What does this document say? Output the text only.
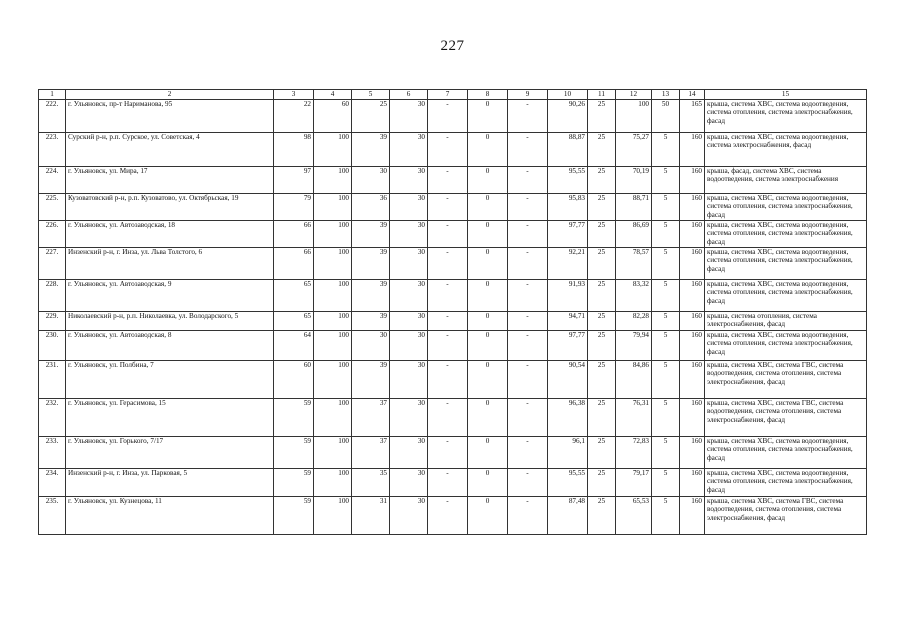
227
1	2	3	4	5	6	7	8	9	10	11	12	13	14	15
222.	г. Ульяновск, пр-т Нариманова, 95	22	60	25	30	-	0	-	90,26	25	100	50	165	крыша, система ХВС, система водоотведения, система отопления, система электроснабжения, фасад
223.	Сурский р-н, р.п. Сурское, ул. Советская, 4	98	100	39	30	-	0	-	88,87	25	75,27	5	160	крыша, система ХВС, система водоотведения, система электроснабжения, фасад
224.	г. Ульяновск, ул. Мира, 17	97	100	30	30	-	0	-	95,55	25	70,19	5	160	крыша, фасад, система ХВС, система водоотведения, система электроснабжения
225.	Кузоватовский р-н, р.п. Кузоватово, ул. Октябрьская, 19	79	100	36	30	-	0	-	95,83	25	88,71	5	160	крыша, система ХВС, система водоотведения, система отопления, система электроснабжения, фасад
226.	г. Ульяновск, ул. Автозаводская, 18	66	100	39	30	-	0	-	97,77	25	86,69	5	160	крыша, система ХВС, система водоотведения, система отопления, система электроснабжения, фасад
227.	Инзенский р-н, г. Инза, ул. Льва Толстого, 6	66	100	39	30	-	0	-	92,21	25	78,57	5	160	крыша, система ХВС, система водоотведения, система отопления, система электроснабжения, фасад
228.	г. Ульяновск, ул. Автозаводская, 9	65	100	39	30	-	0	-	91,93	25	83,32	5	160	крыша, система ХВС, система водоотведения, система отопления, система электроснабжения, фасад
229.	Николаевский р-н, р.п. Николаевка, ул. Володарского, 5	65	100	39	30	-	0	-	94,71	25	82,28	5	160	крыша, система отопления, система электроснабжения, фасад
230.	г. Ульяновск, ул. Автозаводская, 8	64	100	30	30	-	0	-	97,77	25	79,94	5	160	крыша, система ХВС, система водоотведения, система отопления, система электроснабжения, фасад
231.	г. Ульяновск, ул. Полбина, 7	60	100	39	30	-	0	-	90,54	25	84,86	5	160	крыша, система ХВС, система ГВС, система водоотведения, система отопления, система электроснабжения, фасад
232.	г. Ульяновск, ул. Герасимова, 15	59	100	37	30	-	0	-	96,38	25	76,31	5	160	крыша, система ХВС, система ГВС, система водоотведения, система отопления, система электроснабжения, фасад
233.	г. Ульяновск, ул. Горького, 7/17	59	100	37	30	-	0	-	96,1	25	72,83	5	160	крыша, система ХВС, система водоотведения, система отопления, система электроснабжения, фасад
234.	Инзенский р-н, г. Инза, ул. Парковая, 5	59	100	35	30	-	0	-	95,55	25	79,17	5	160	крыша, система ХВС, система водоотведения, система отопления, система электроснабжения, фасад
235.	г. Ульяновск, ул. Кузнецова, 11	59	100	31	30	-	0	-	87,48	25	65,53	5	160	крыша, система ХВС, система ГВС, система водоотведения, система отопления, система электроснабжения, фасад
